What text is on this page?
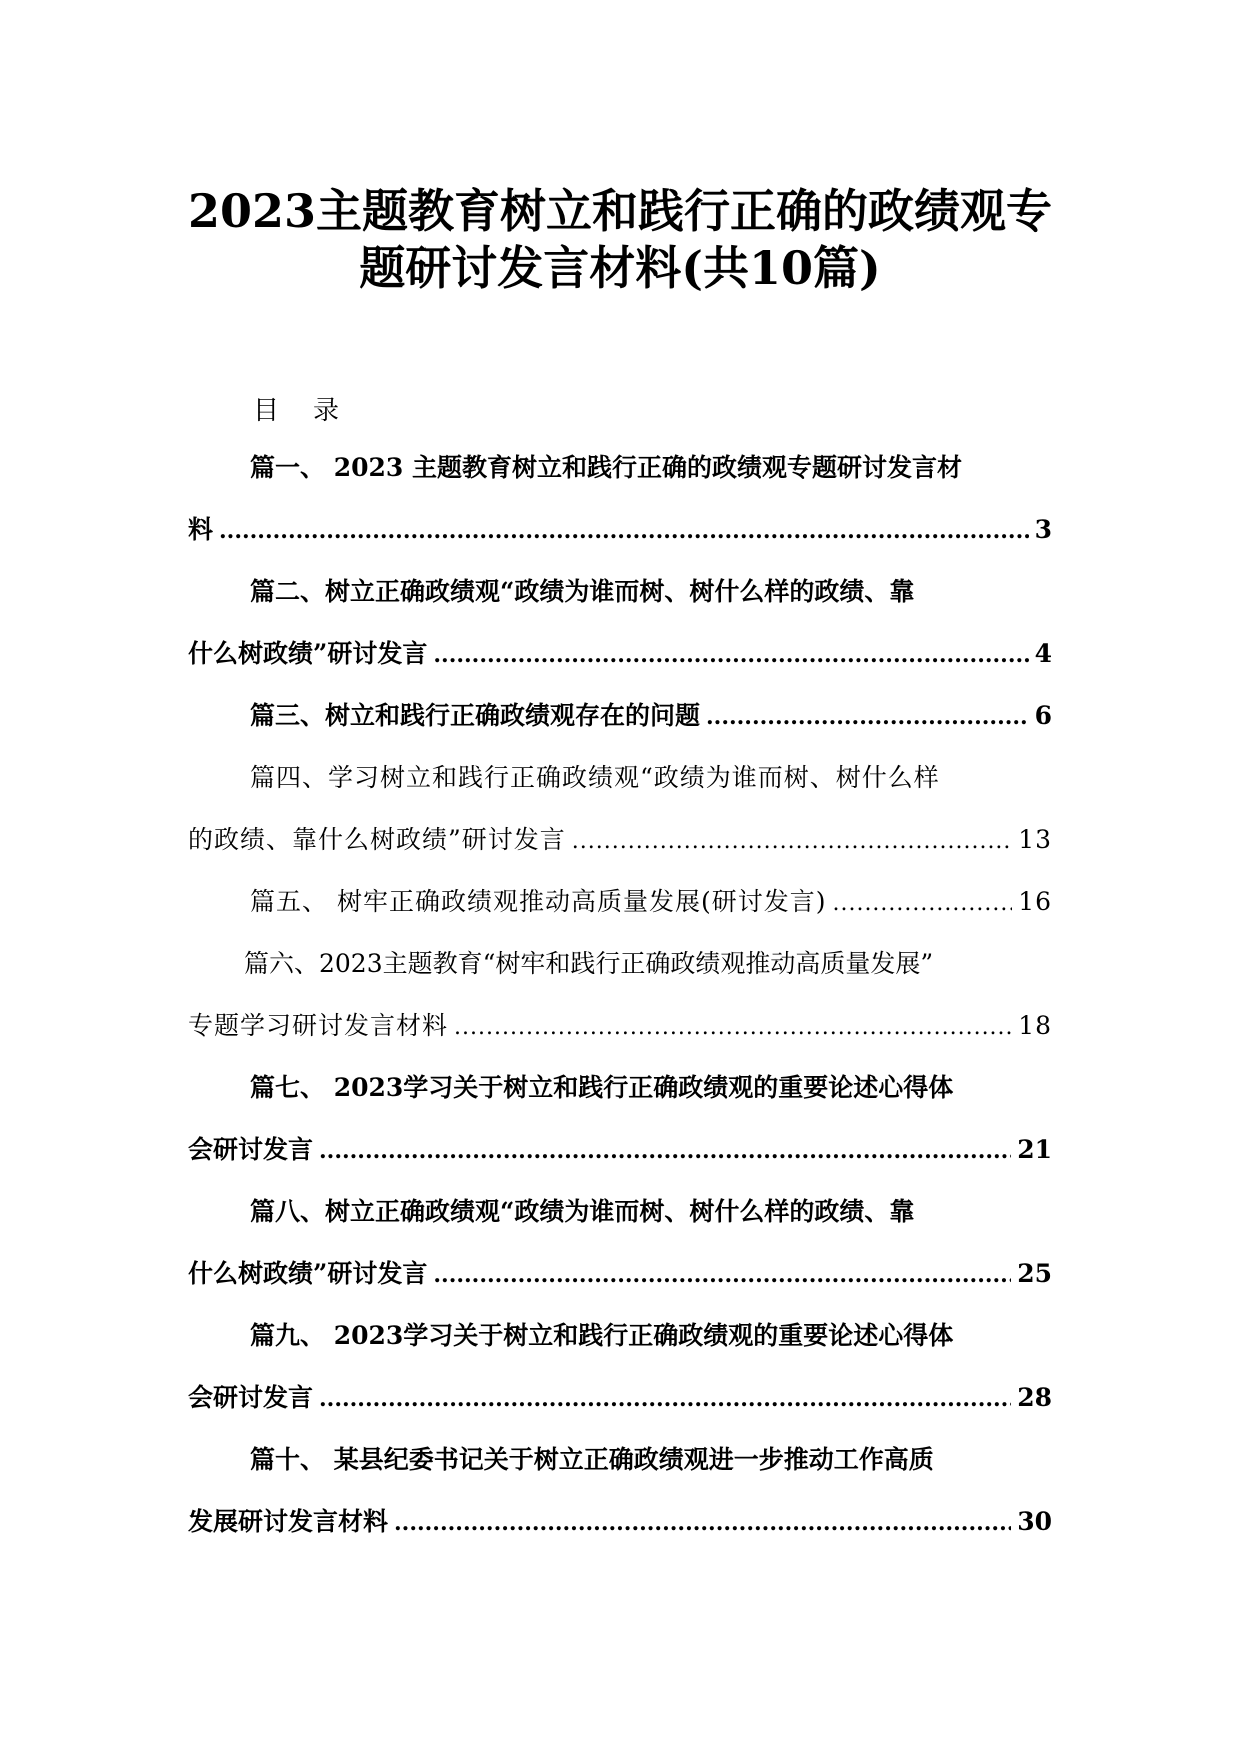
2023主题教育树立和践行正确的政绩观专
题研讨发言材料(共10篇)
目录
篇一、 2023 主题教育树立和践行正确的政绩观专题研讨发言材
料 .....	3
篇二、树立正确政绩观“政绩为谁而树、树什么样的政绩、靠
什么树政绩”研讨发言 .....	4
篇三、树立和践行正确政绩观存在的问题 .....	6
篇四、学习树立和践行正确政绩观“政绩为谁而树、树什么样
的政绩、靠什么树政绩”研讨发言 .....	13
篇五、 树牢正确政绩观推动高质量发展(研讨发言) .....	16
篇六、2023主题教育“树牢和践行正确政绩观推动高质量发展”
专题学习研讨发言材料 .....	18
篇七、 2023学习关于树立和践行正确政绩观的重要论述心得体
会研讨发言 .....	21
篇八、树立正确政绩观“政绩为谁而树、树什么样的政绩、靠
什么树政绩”研讨发言 .....	25
篇九、 2023学习关于树立和践行正确政绩观的重要论述心得体
会研讨发言 .....	28
篇十、 某县纪委书记关于树立正确政绩观进一步推动工作高质
发展研讨发言材料 .....	30
